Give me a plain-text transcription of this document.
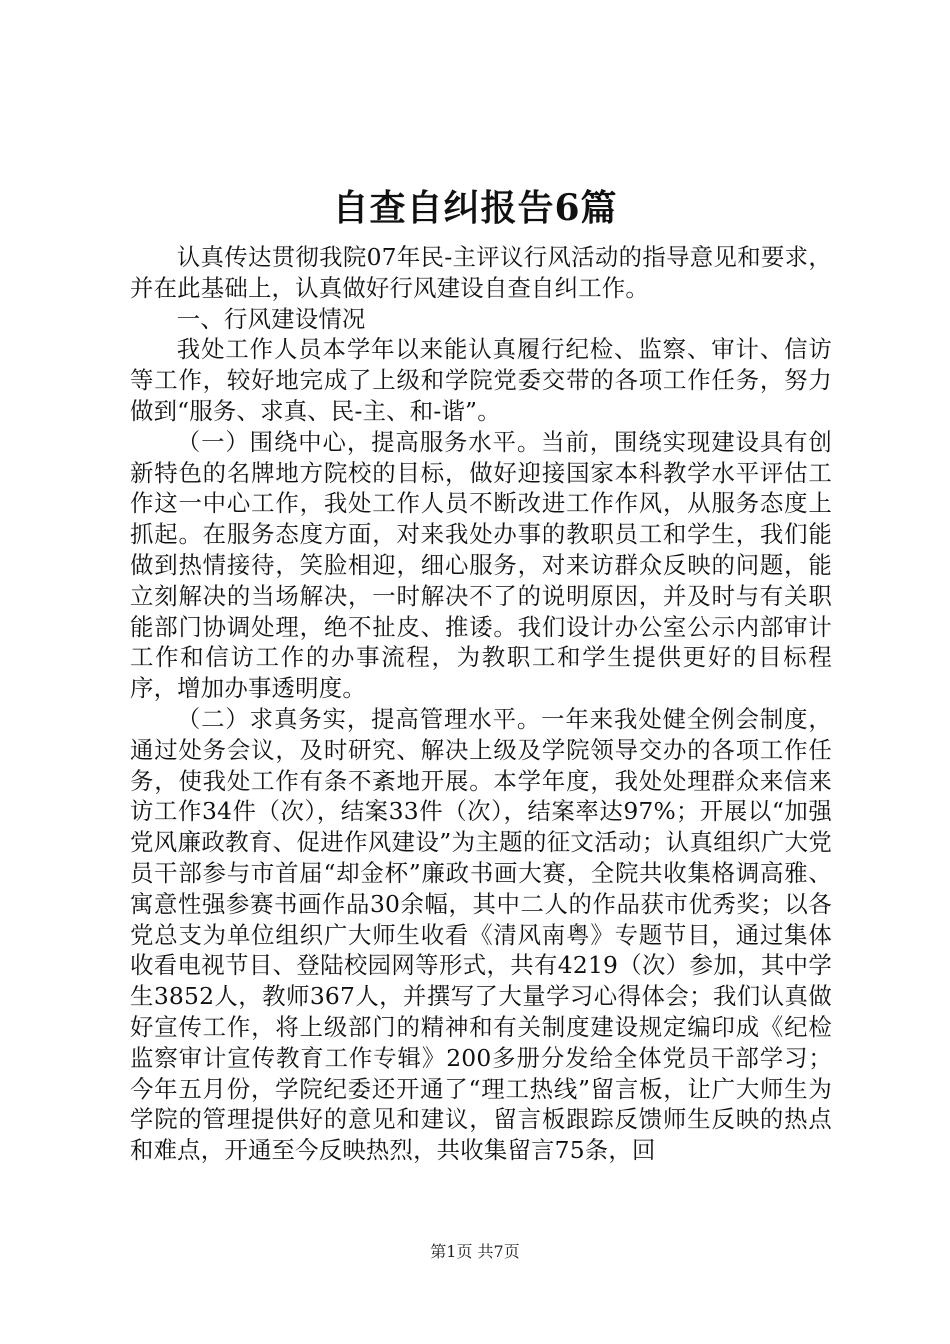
自查自纠报告6篇

认真传达贯彻我院07年民-主评议行风活动的指导意见和要求，并在此基础上，认真做好行风建设自查自纠工作。

一、行风建设情况

我处工作人员本学年以来能认真履行纪检、监察、审计、信访等工作，较好地完成了上级和学院党委交带的各项工作任务，努力做到“服务、求真、民-主、和-谐”。

（一）围绕中心，提高服务水平。当前，围绕实现建设具有创新特色的名牌地方院校的目标，做好迎接国家本科教学水平评估工作这一中心工作，我处工作人员不断改进工作作风，从服务态度上抓起。在服务态度方面，对来我处办事的教职员工和学生，我们能做到热情接待，笑脸相迎，细心服务，对来访群众反映的问题，能立刻解决的当场解决，一时解决不了的说明原因，并及时与有关职能部门协调处理，绝不扯皮、推诿。我们设计办公室公示内部审计工作和信访工作的办事流程，为教职工和学生提供更好的目标程序，增加办事透明度。

（二）求真务实，提高管理水平。一年来我处健全例会制度，通过处务会议，及时研究、解决上级及学院领导交办的各项工作任务，使我处工作有条不紊地开展。本学年度，我处处理群众来信来访工作34件（次），结案33件（次），结案率达97%；开展以“加强党风廉政教育、促进作风建设”为主题的征文活动；认真组织广大党员干部参与市首届“却金杯”廉政书画大赛，全院共收集格调高雅、寓意性强参赛书画作品30余幅，其中二人的作品获市优秀奖；以各党总支为单位组织广大师生收看《清风南粤》专题节目，通过集体收看电视节目、登陆校园网等形式，共有4219（次）参加，其中学生3852人，教师367人，并撰写了大量学习心得体会；我们认真做好宣传工作，将上级部门的精神和有关制度建设规定编印成《纪检监察审计宣传教育工作专辑》200多册分发给全体党员干部学习；今年五月份，学院纪委还开通了“理工热线”留言板，让广大师生为学院的管理提供好的意见和建议，留言板跟踪反馈师生反映的热点和难点，开通至今反映热烈，共收集留言75条，回

第1页 共7页
